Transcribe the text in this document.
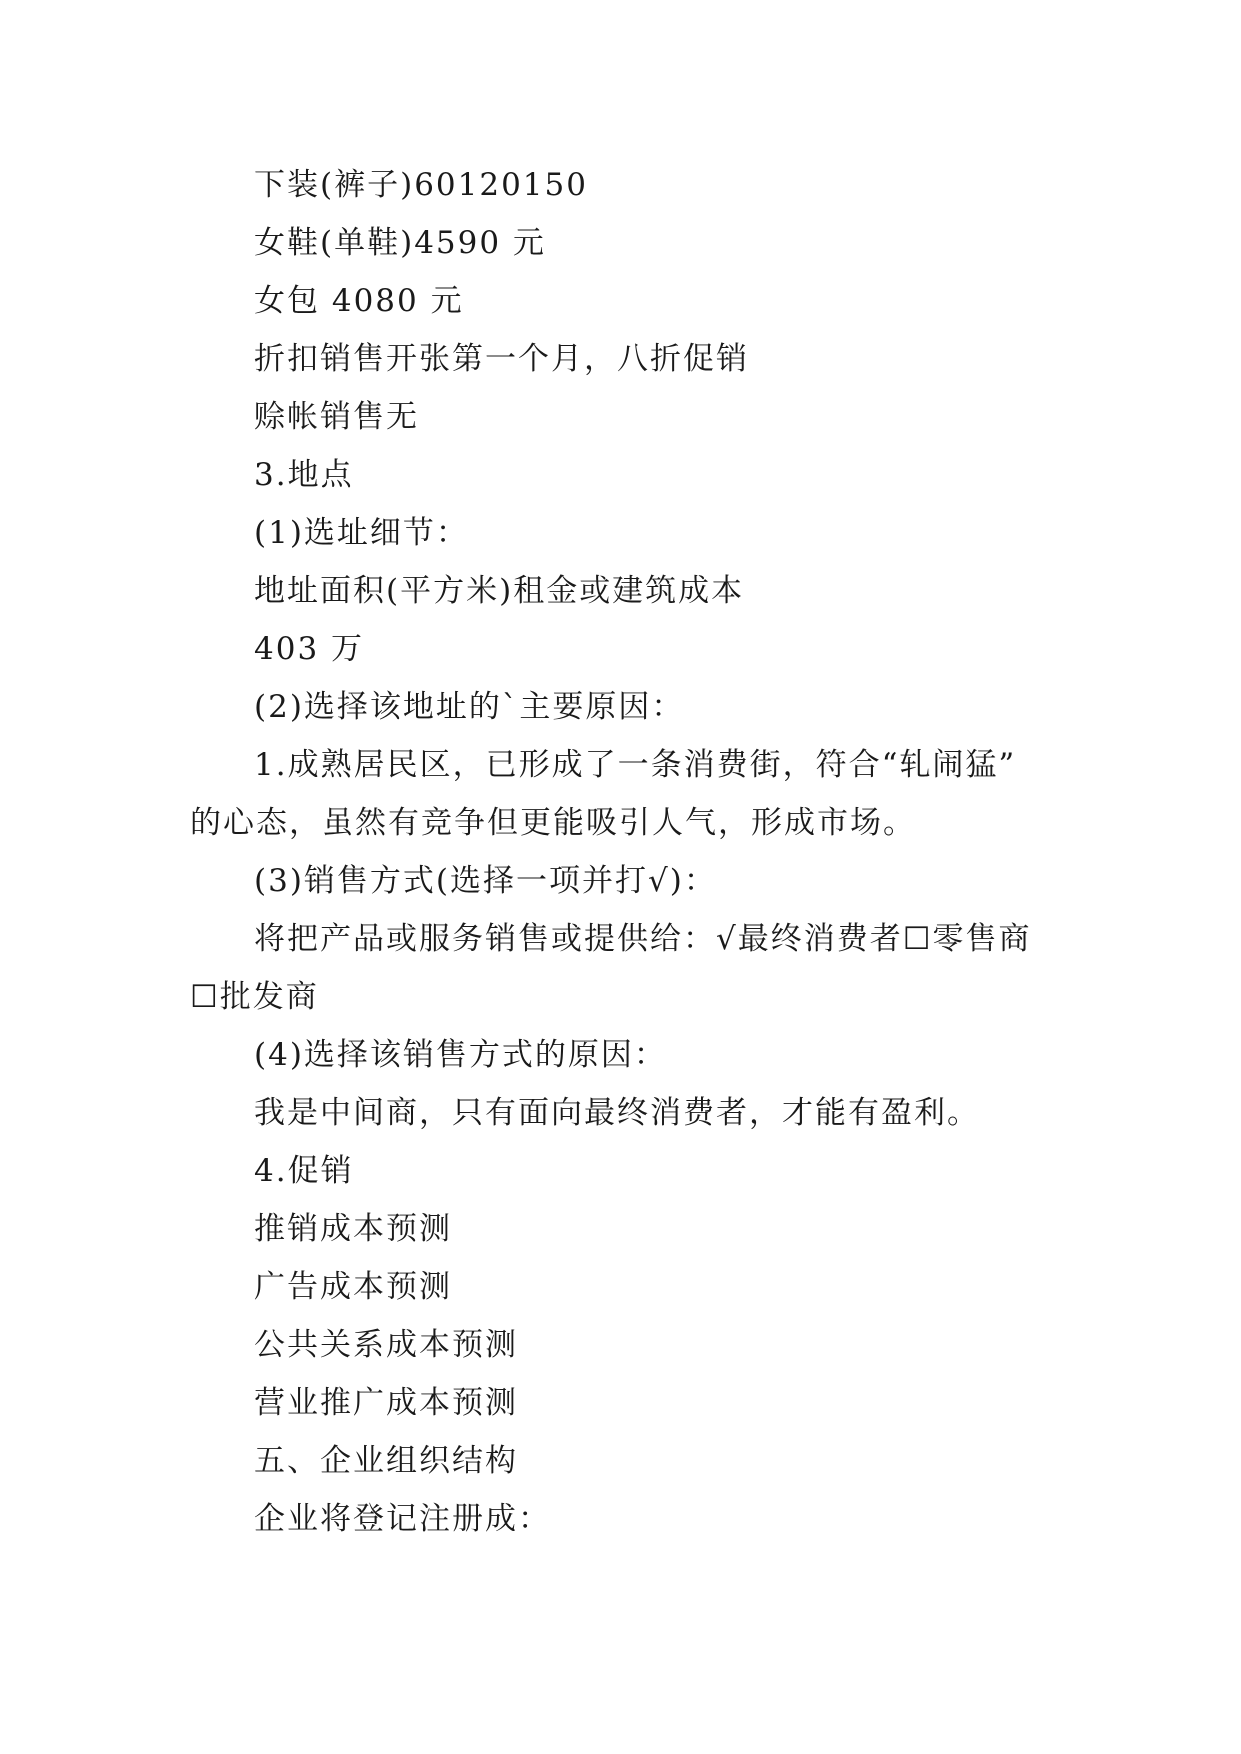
下装(裤子)60120150

女鞋(单鞋)4590 元

女包 4080 元

折扣销售开张第一个月，八折促销

赊帐销售无

3.地点

(1)选址细节：

地址面积(平方米)租金或建筑成本

403 万

(2)选择该地址的`主要原因：

1.成熟居民区，已形成了一条消费街，符合“轧闹猛”

的心态，虽然有竞争但更能吸引人气，形成市场。

(3)销售方式(选择一项并打√)：

将把产品或服务销售或提供给：√最终消费者☐零售商

☐批发商

(4)选择该销售方式的原因：

我是中间商，只有面向最终消费者，才能有盈利。

4.促销

推销成本预测

广告成本预测

公共关系成本预测

营业推广成本预测

五、企业组织结构

企业将登记注册成：
